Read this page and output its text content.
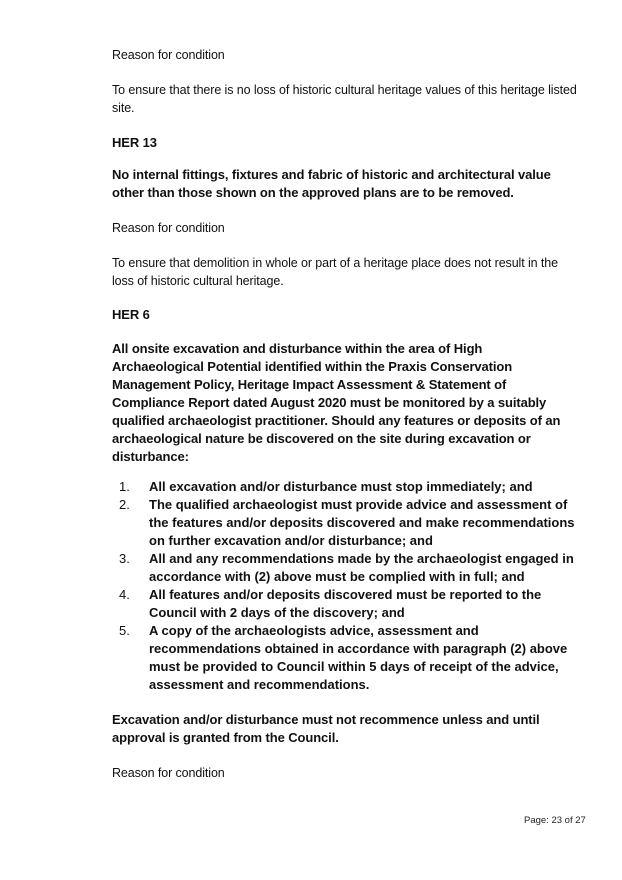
Reason for condition

To ensure that there is no loss of historic cultural heritage values of this heritage listed site.

HER 13

No internal fittings, fixtures and fabric of historic and architectural value other than those shown on the approved plans are to be removed.

Reason for condition

To ensure that demolition in whole or part of a heritage place does not result in the loss of historic cultural heritage.

HER 6

All onsite excavation and disturbance within the area of High Archaeological Potential identified within the Praxis Conservation Management Policy, Heritage Impact Assessment & Statement of Compliance Report dated August 2020 must be monitored by a suitably qualified archaeologist practitioner. Should any features or deposits of an archaeological nature be discovered on the site during excavation or disturbance:

1. All excavation and/or disturbance must stop immediately; and
2. The qualified archaeologist must provide advice and assessment of the features and/or deposits discovered and make recommendations on further excavation and/or disturbance; and
3. All and any recommendations made by the archaeologist engaged in accordance with (2) above must be complied with in full; and
4. All features and/or deposits discovered must be reported to the Council with 2 days of the discovery; and
5. A copy of the archaeologists advice, assessment and recommendations obtained in accordance with paragraph (2) above must be provided to Council within 5 days of receipt of the advice, assessment and recommendations.

Excavation and/or disturbance must not recommence unless and until approval is granted from the Council.

Reason for condition

Page: 23 of 27
